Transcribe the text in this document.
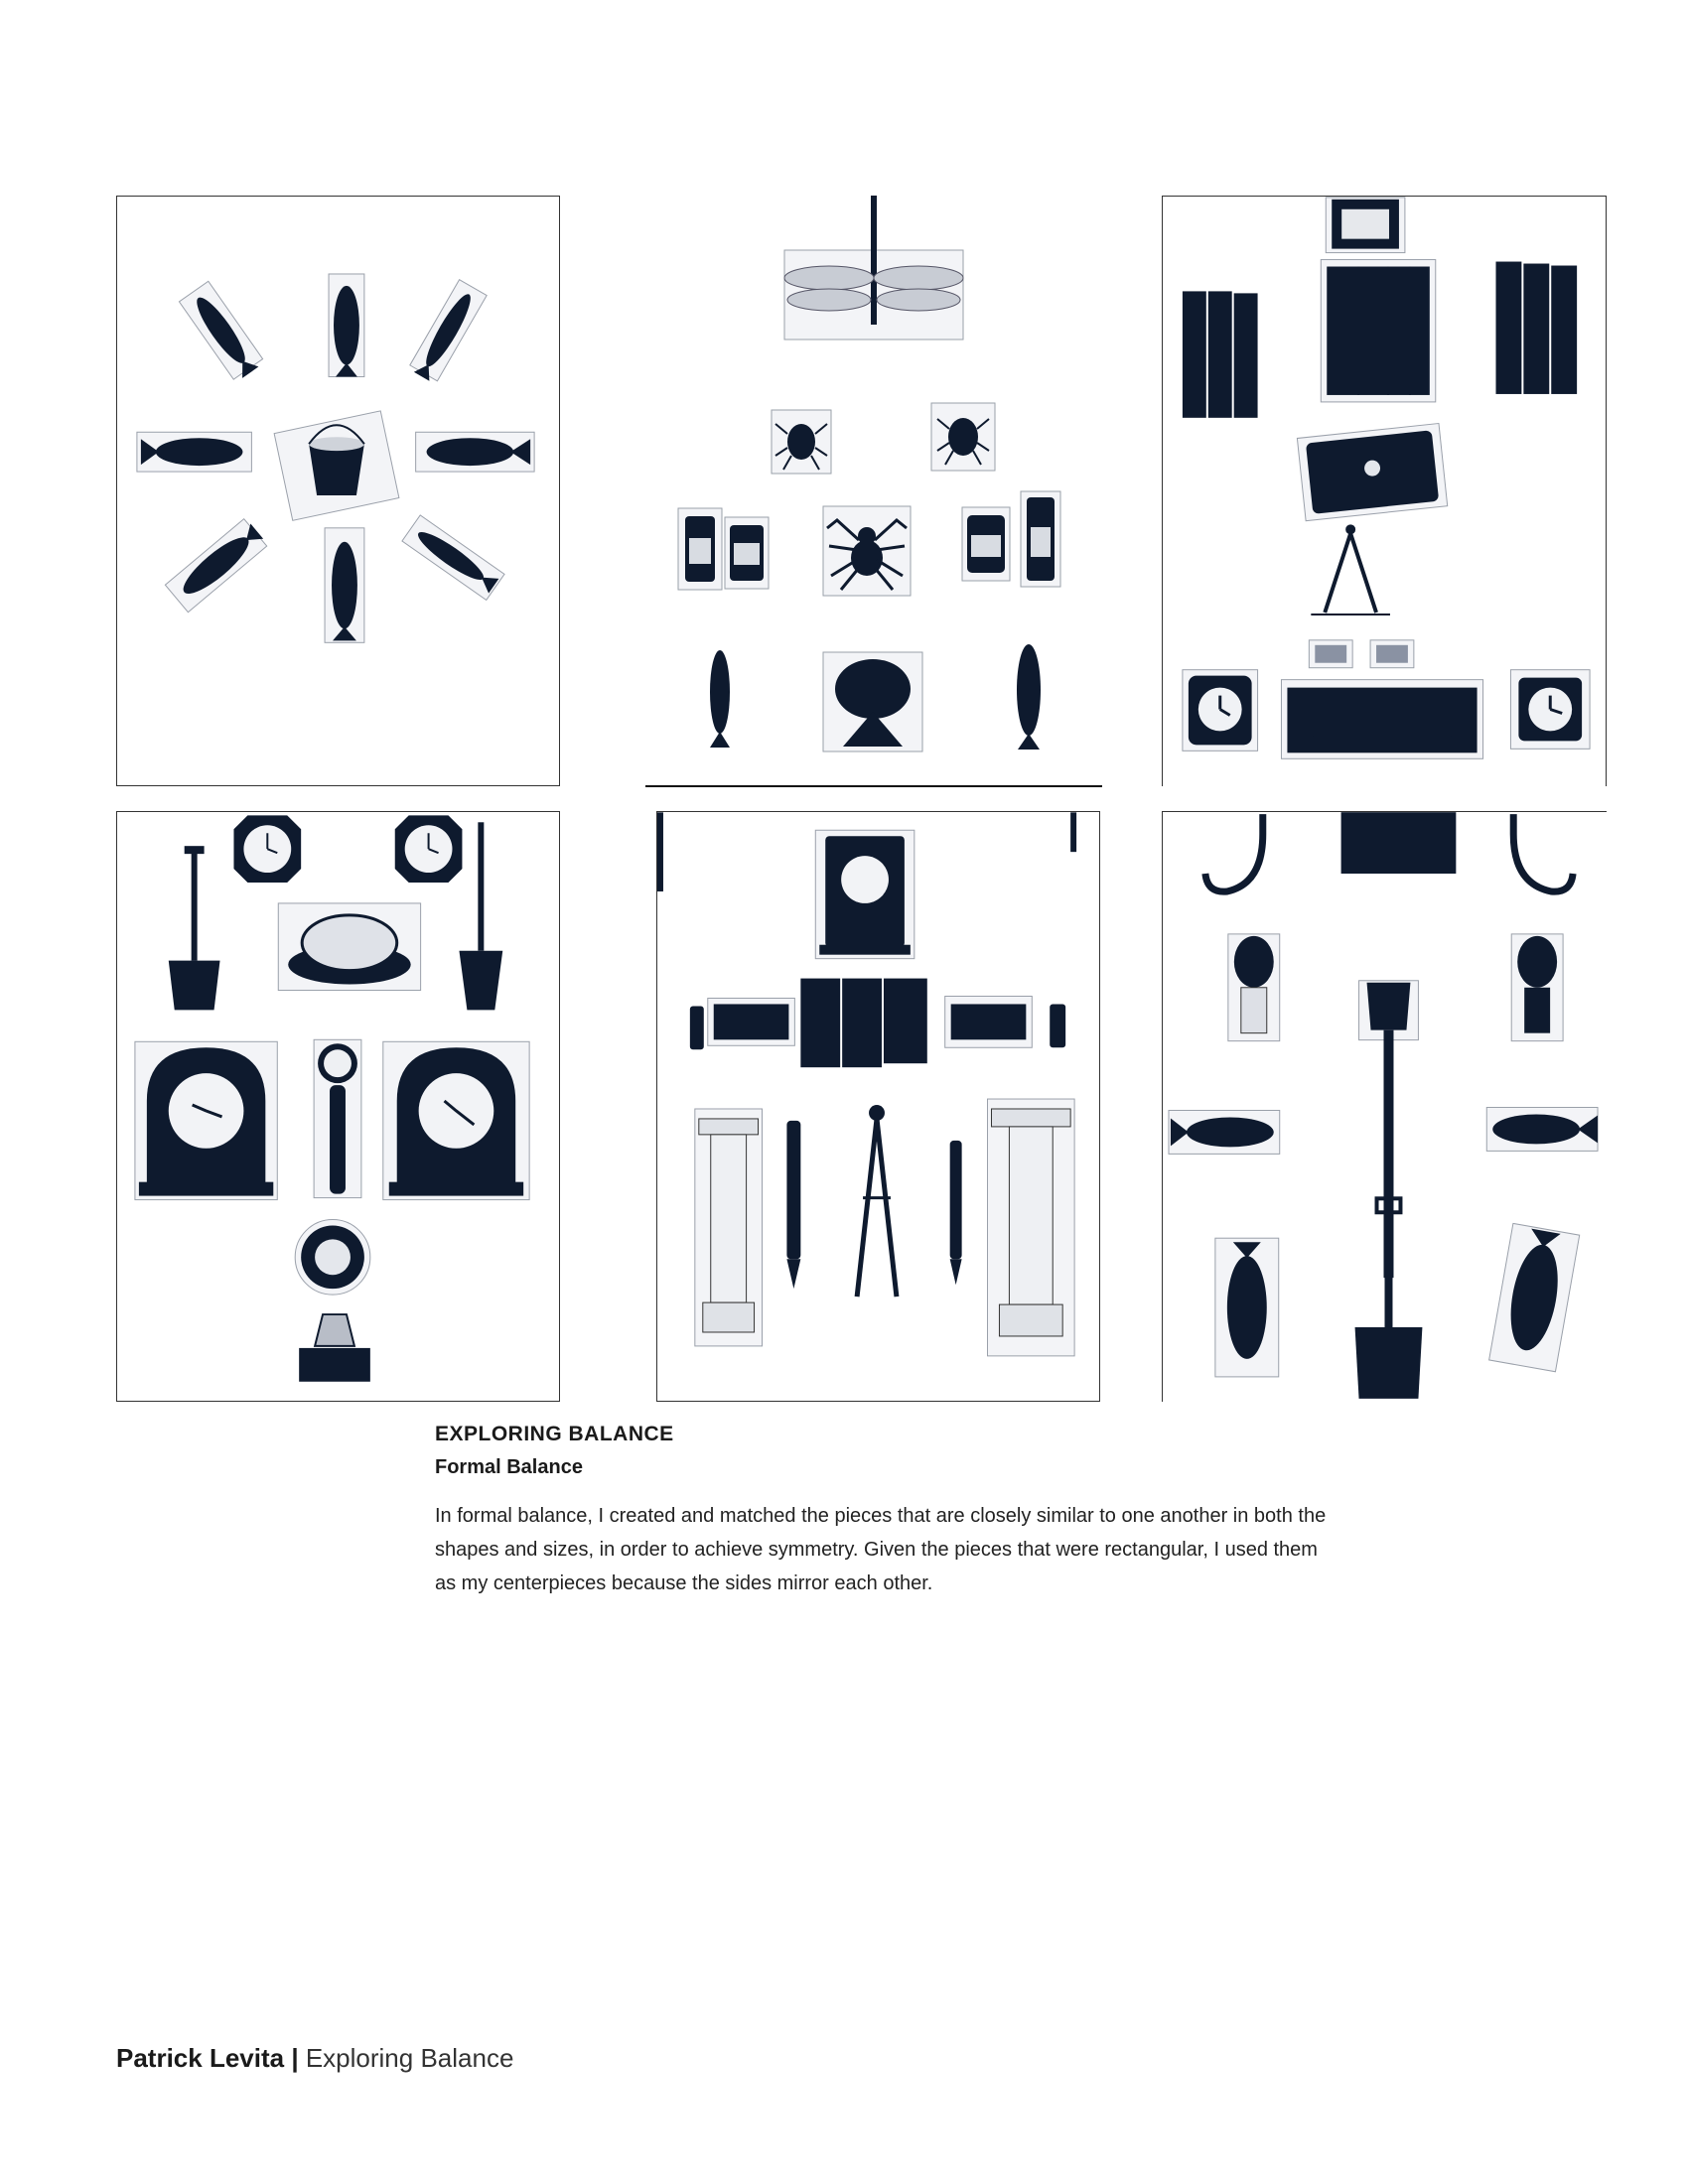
EXPLORING BALANCE

Formal Balance

In formal balance, I created and matched the pieces that are closely similar to one another in both the shapes and sizes, in order to achieve symmetry. Given the pieces that were rectangular, I used them as my centerpieces because the sides mirror each other.

Patrick Levita | Exploring Balance
